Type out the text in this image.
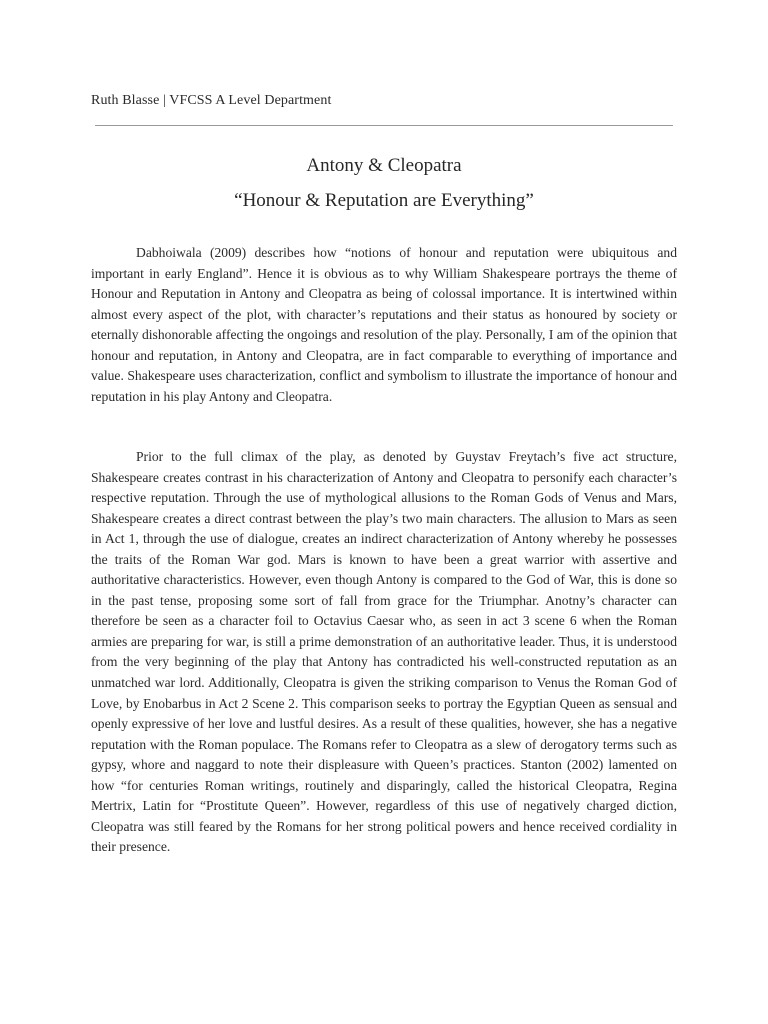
Ruth Blasse | VFCSS A Level Department
Antony & Cleopatra
“Honour & Reputation are Everything”

Dabhoiwala (2009) describes how “notions of honour and reputation were ubiquitous and important in early England”. Hence it is obvious as to why William Shakespeare portrays the theme of Honour and Reputation in Antony and Cleopatra as being of colossal importance. It is intertwined within almost every aspect of the plot, with character’s reputations and their status as honoured by society or eternally dishonorable affecting the ongoings and resolution of the play. Personally, I am of the opinion that honour and reputation, in Antony and Cleopatra, are in fact comparable to everything of importance and value. Shakespeare uses characterization, conflict and symbolism to illustrate the importance of honour and reputation in his play Antony and Cleopatra.

Prior to the full climax of the play, as denoted by Guystav Freytach’s five act structure, Shakespeare creates contrast in his characterization of Antony and Cleopatra to personify each character’s respective reputation. Through the use of mythological allusions to the Roman Gods of Venus and Mars, Shakespeare creates a direct contrast between the play’s two main characters. The allusion to Mars as seen in Act 1, through the use of dialogue, creates an indirect characterization of Antony whereby he possesses the traits of the Roman War god. Mars is known to have been a great warrior with assertive and authoritative characteristics. However, even though Antony is compared to the God of War, this is done so in the past tense, proposing some sort of fall from grace for the Triumphar. Anotny’s character can therefore be seen as a character foil to Octavius Caesar who, as seen in act 3 scene 6 when the Roman armies are preparing for war, is still a prime demonstration of an authoritative leader. Thus, it is understood from the very beginning of the play that Antony has contradicted his well-constructed reputation as an unmatched war lord. Additionally, Cleopatra is given the striking comparison to Venus the Roman God of Love, by Enobarbus in Act 2 Scene 2. This comparison seeks to portray the Egyptian Queen as sensual and openly expressive of her love and lustful desires. As a result of these qualities, however, she has a negative reputation with the Roman populace. The Romans refer to Cleopatra as a slew of derogatory terms such as gypsy, whore and naggard to note their displeasure with Queen’s practices. Stanton (2002) lamented on how “for centuries Roman writings, routinely and disparingly, called the historical Cleopatra, Regina Mertrix, Latin for “Prostitute Queen”. However, regardless of this use of negatively charged diction, Cleopatra was still feared by the Romans for her strong political powers and hence received cordiality in their presence.
